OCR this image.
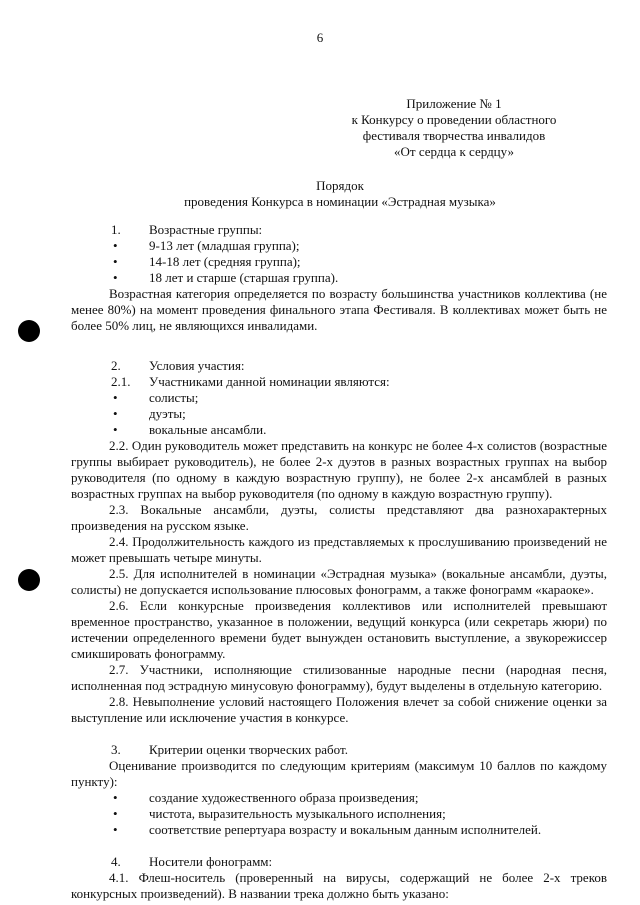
6
Приложение № 1
к Конкурсу о проведении областного
фестиваля творчества инвалидов
«От сердца к сердцу»
Порядок
проведения Конкурса в номинации «Эстрадная музыка»
1. Возрастные группы:
• 9-13 лет (младшая группа);
• 14-18 лет (средняя группа);
• 18 лет и старше (старшая группа).
Возрастная категория определяется по возрасту большинства участников коллектива (не менее 80%) на момент проведения финального этапа Фестиваля. В коллективах может быть не более 50% лиц, не являющихся инвалидами.
2. Условия участия:
2.1. Участниками данной номинации являются:
• солисты;
• дуэты;
• вокальные ансамбли.
2.2. Один руководитель может представить на конкурс не более 4-х солистов (возрастные группы выбирает руководитель), не более 2-х дуэтов в разных возрастных группах на выбор руководителя (по одному в каждую возрастную группу), не более 2-х ансамблей в разных возрастных группах на выбор руководителя (по одному в каждую возрастную группу).
2.3. Вокальные ансамбли, дуэты, солисты представляют два разнохарактерных произведения на русском языке.
2.4. Продолжительность каждого из представляемых к прослушиванию произведений не может превышать четыре минуты.
2.5. Для исполнителей в номинации «Эстрадная музыка» (вокальные ансамбли, дуэты, солисты) не допускается использование плюсовых фонограмм, а также фонограмм «караоке».
2.6. Если конкурсные произведения коллективов или исполнителей превышают временное пространство, указанное в положении, ведущий конкурса (или секретарь жюри) по истечении определенного времени будет вынужден остановить выступление, а звукорежиссер смикшировать фонограмму.
2.7. Участники, исполняющие стилизованные народные песни (народная песня, исполненная под эстрадную минусовую фонограмму), будут выделены в отдельную категорию.
2.8. Невыполнение условий настоящего Положения влечет за собой снижение оценки за выступление или исключение участия в конкурсе.
3. Критерии оценки творческих работ.
Оценивание производится по следующим критериям (максимум 10 баллов по каждому пункту):
• создание художественного образа произведения;
• чистота, выразительность музыкального исполнения;
• соответствие репертуара возрасту и вокальным данным исполнителей.
4. Носители фонограмм:
4.1. Флеш-носитель (проверенный на вирусы, содержащий не более 2-х треков конкурсных произведений). В названии трека должно быть указано:
